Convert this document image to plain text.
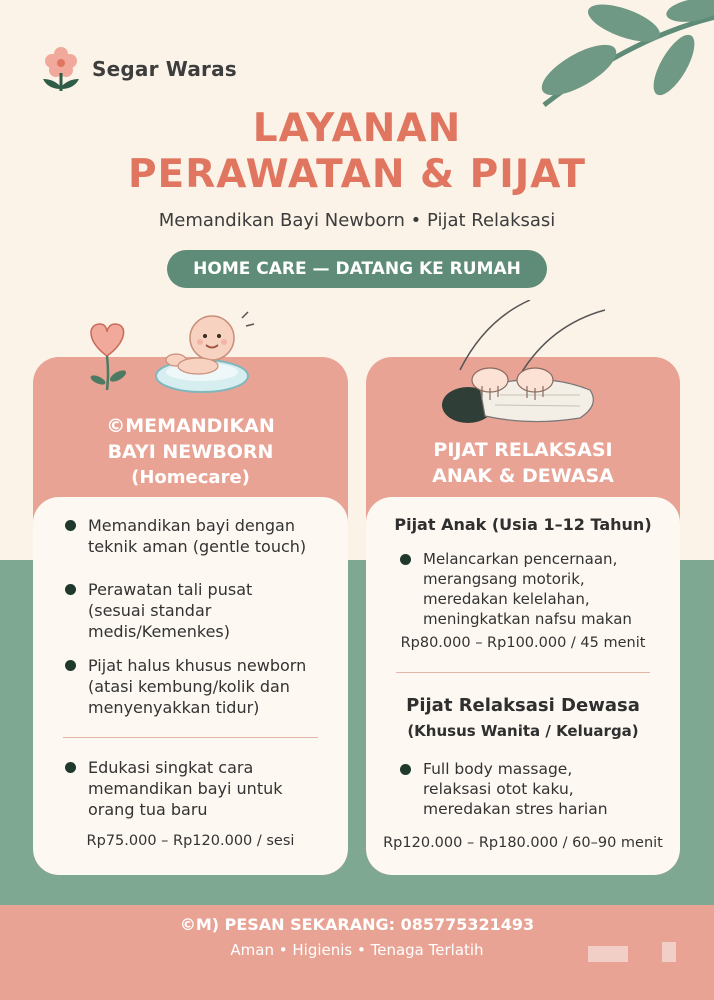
Segar Waras
LAYANAN
PERAWATAN & PIJAT
Memandikan Bayi Newborn • Pijat Relaksasi
HOME CARE — DATANG KE RUMAH
©MEMANDIKAN
BAYI NEWBORN
(Homecare)
Memandikan bayi dengan
teknik aman (gentle touch)
Perawatan tali pusat
(sesuai standar
medis/Kemenkes)
Pijat halus khusus newborn
(atasi kembung/kolik dan
menyenyakkan tidur)
Edukasi singkat cara
memandikan bayi untuk
orang tua baru
Rp75.000 – Rp120.000 / sesi
PIJAT RELAKSASI
ANAK & DEWASA
Pijat Anak (Usia 1–12 Tahun)
Melancarkan pencernaan,
merangsang motorik,
meredakan kelelahan,
meningkatkan nafsu makan
Rp80.000 – Rp100.000 / 45 menit
Pijat Relaksasi Dewasa
(Khusus Wanita / Keluarga)
Full body massage,
relaksasi otot kaku,
meredakan stres harian
Rp120.000 – Rp180.000 / 60–90 menit
©M) PESAN SEKARANG: 085775321493
Aman • Higienis • Tenaga Terlatih
